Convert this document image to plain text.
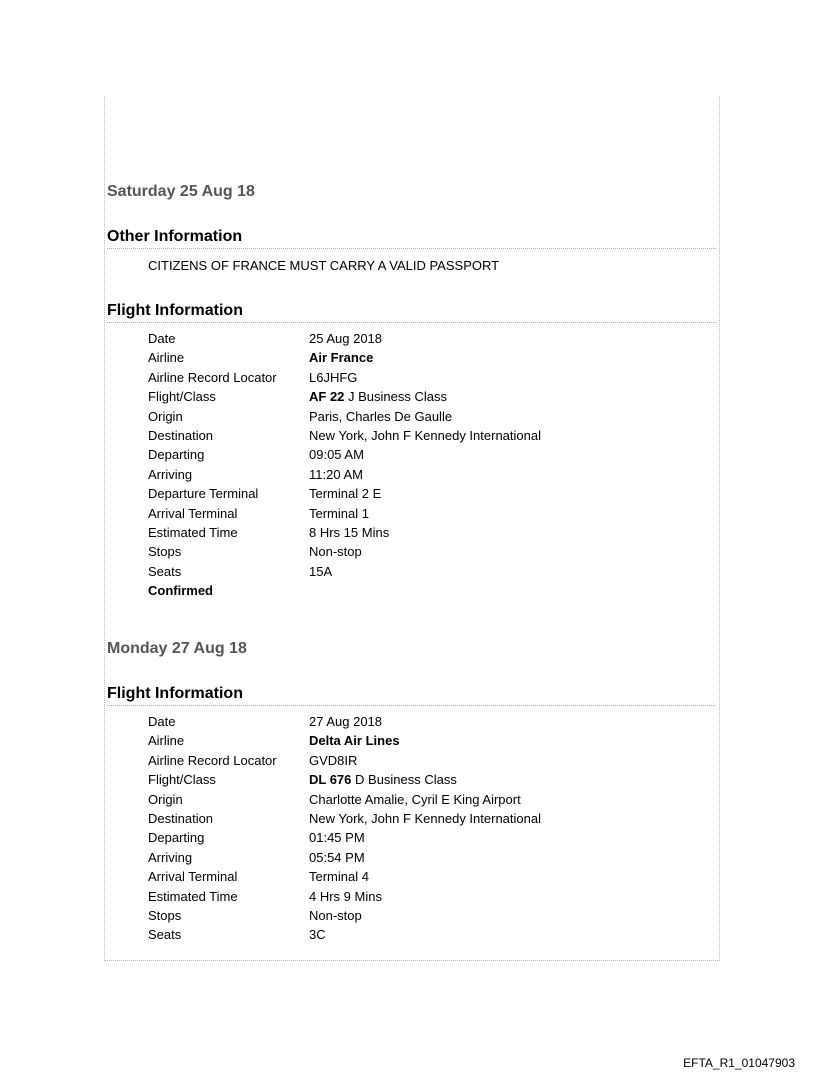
Saturday 25 Aug 18
Other Information
CITIZENS OF FRANCE MUST CARRY A VALID PASSPORT
Flight Information
Date	25 Aug 2018
Airline	Air France
Airline Record Locator L6JHFG
Flight/Class	AF 22 J Business Class
Origin	Paris, Charles De Gaulle
Destination	New York, John F Kennedy International
Departing	09:05 AM
Arriving	11:20 AM
Departure Terminal	Terminal 2 E
Arrival Terminal	Terminal 1
Estimated Time	8 Hrs 15 Mins
Stops	Non-stop
Seats	15A
Confirmed
Monday 27 Aug 18
Flight Information
Date	27 Aug 2018
Airline	Delta Air Lines
Airline Record Locator GVD8IR
Flight/Class	DL 676 D Business Class
Origin	Charlotte Amalie, Cyril E King Airport
Destination	New York, John F Kennedy International
Departing	01:45 PM
Arriving	05:54 PM
Arrival Terminal	Terminal 4
Estimated Time	4 Hrs 9 Mins
Stops	Non-stop
Seats	3C
EFTA_R1_01047903
